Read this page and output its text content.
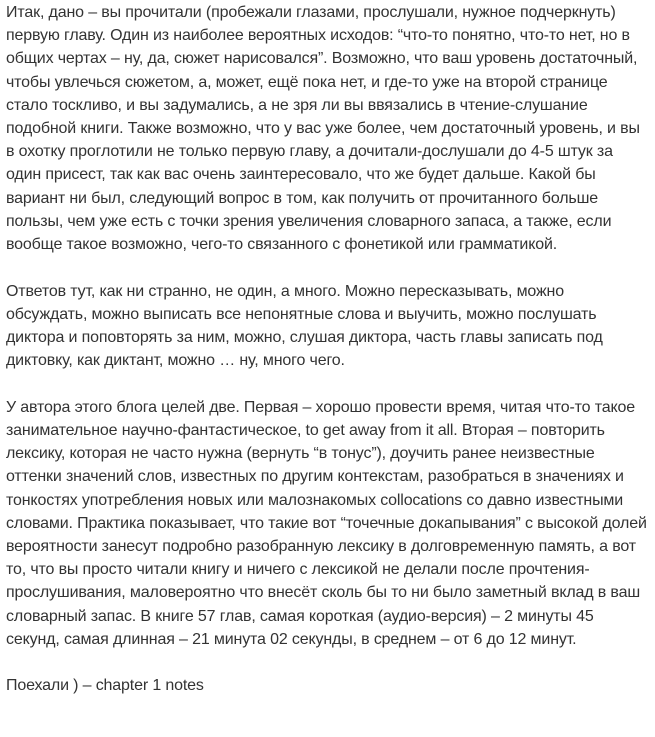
Итак, дано – вы прочитали (пробежали глазами, прослушали, нужное подчеркнуть) первую главу. Один из наиболее вероятных исходов: “что-то понятно, что-то нет, но в общих чертах – ну, да, сюжет нарисовался”. Возможно, что ваш уровень достаточный, чтобы увлечься сюжетом, а, может, ещё пока нет, и где-то уже на второй странице стало тоскливо, и вы задумались, а не зря ли вы ввязались в чтение-слушание подобной книги. Также возможно, что у вас уже более, чем достаточный уровень, и вы в охотку проглотили не только первую главу, а дочитали-дослушали до 4-5 штук за один присест, так как вас очень заинтересовало, что же будет дальше. Какой бы вариант ни был, следующий вопрос в том, как получить от прочитанного больше пользы, чем уже есть с точки зрения увеличения словарного запаса, а также, если вообще такое возможно, чего-то связанного с фонетикой или грамматикой.

Ответов тут, как ни странно, не один, а много. Можно пересказывать, можно обсуждать, можно выписать все непонятные слова и выучить, можно послушать диктора и поповторять за ним, можно, слушая диктора, часть главы записать под диктовку, как диктант, можно … ну, много чего.

У автора этого блога целей две. Первая – хорошо провести время, читая что-то такое занимательное научно-фантастическое, to get away from it all. Вторая – повторить лексику, которая не часто нужна (вернуть “в тонус”), доучить ранее неизвестные оттенки значений слов, известных по другим контекстам, разобраться в значениях и тонкостях употребления новых или малознакомых collocations со давно известными словами. Практика показывает, что такие вот “точечные докапывания” с высокой долей вероятности занесут подробно разобранную лексику в долговременную память, а вот то, что вы просто читали книгу и ничего с лексикой не делали после прочтения-прослушивания, маловероятно что внесёт сколь бы то ни было заметный вклад в ваш словарный запас. В книге 57 глав, самая короткая (аудио-версия) – 2 минуты 45 секунд, самая длинная – 21 минута 02 секунды, в среднем – от 6 до 12 минут.

Поехали ) – chapter 1 notes
